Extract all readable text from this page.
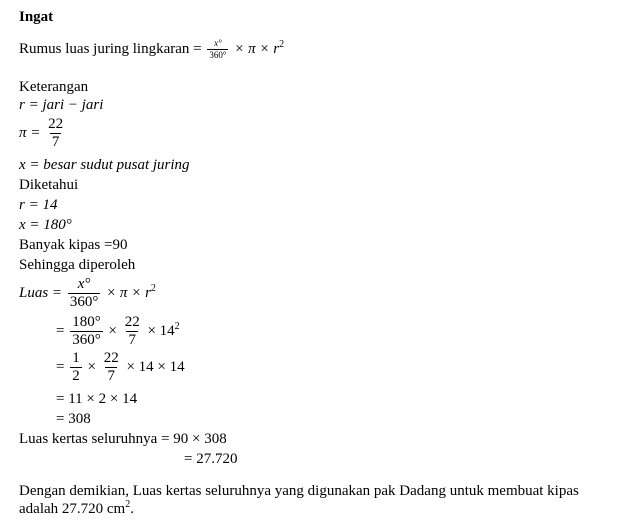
Ingat
Rumus luas juring lingkaran = $\frac{x^\circ}{360^\circ} \times \pi \times r^2$
Keterangan
r = jari − jari
$\pi = \frac{22}{7}$
x = besar sudut pusat juring
Diketahui
r = 14
x = 180°
Banyak kipas =90
Sehingga diperoleh
Luas = $\frac{x^\circ}{360^\circ} \times \pi \times r^2$
= $\frac{180^\circ}{360^\circ} \times \frac{22}{7} \times 14^2$
= $\frac{1}{2} \times \frac{22}{7} \times 14 \times 14$
= 11 × 2 × 14
= 308
Luas kertas seluruhnya = 90 × 308
= 27.720
Dengan demikian, Luas kertas seluruhnya yang digunakan pak Dadang untuk membuat kipas
adalah 27.720 $cm^2$.
